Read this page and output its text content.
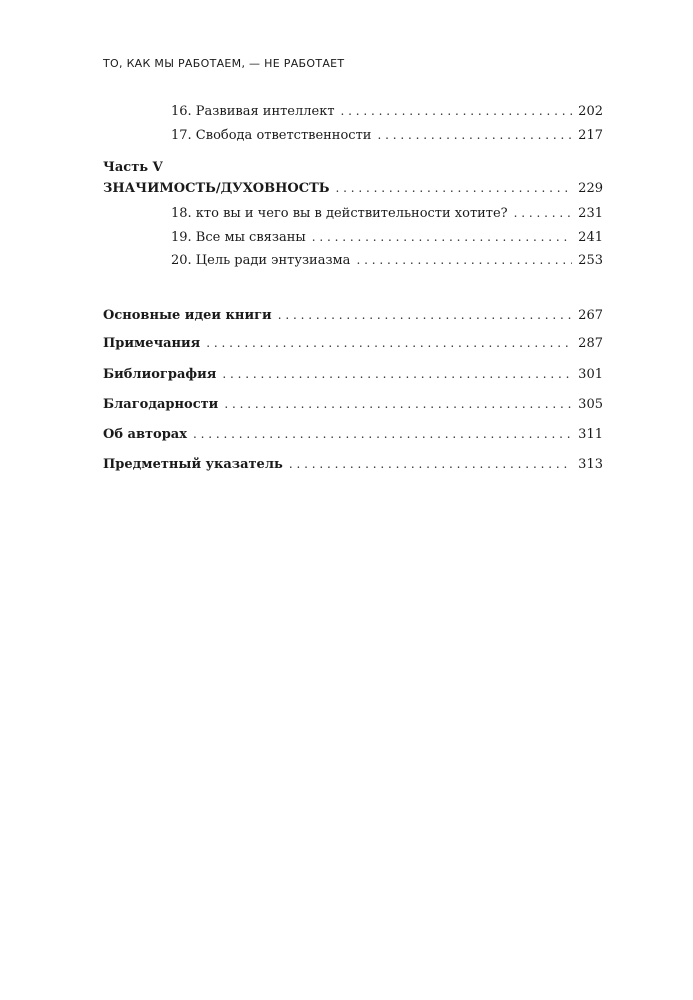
ТО, КАК МЫ РАБОТАЕМ, — НЕ РАБОТАЕТ
16. Развивая интеллект . . .	202
17. Свобода ответственности . . .	217
Часть V
ЗНАЧИМОСТЬ/ДУХОВНОСТЬ . . .	229
18. кто вы и чего вы в действительности хотите? . . .	231
19. Все мы связаны . . .	241
20. Цель ради энтузиазма . . .	253
Основные идеи книги . . .	267
Примечания . . .	287
Библиография . . .	301
Благодарности . . .	305
Об авторах . . .	311
Предметный указатель . . .	313
